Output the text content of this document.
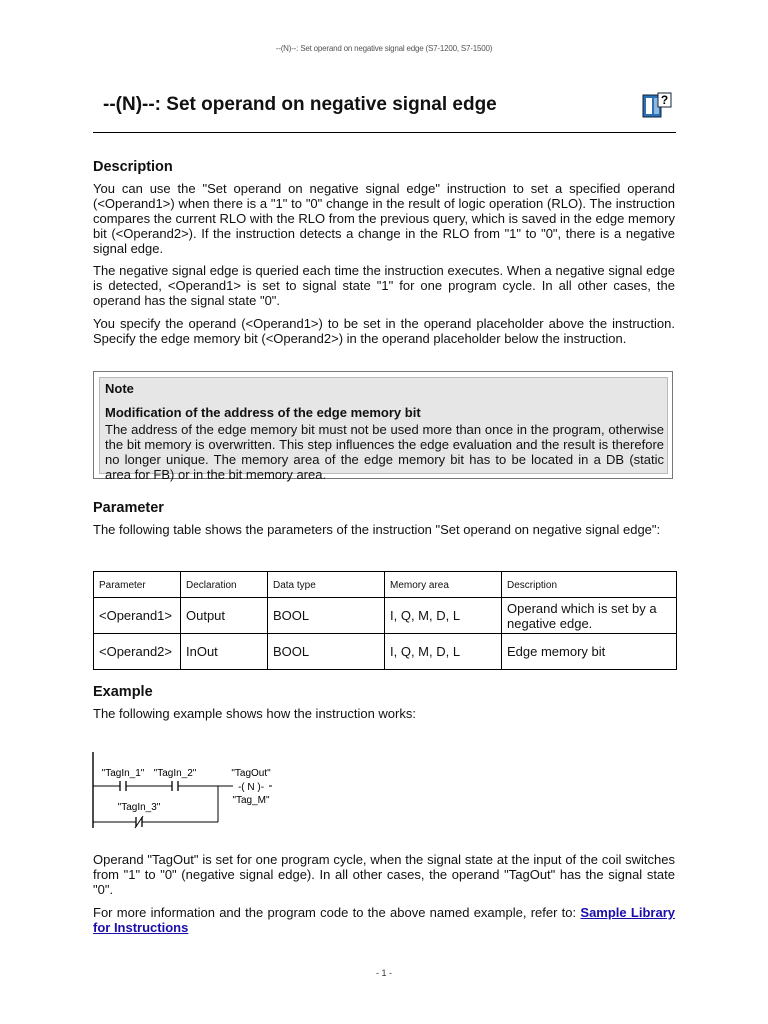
--(N)--: Set operand on negative signal edge (S7-1200, S7-1500)
--(N)--: Set operand on negative signal edge	?
Description
You can use the "Set operand on negative signal edge" instruction to set a specified operand (<Operand1>) when there is a "1" to "0" change in the result of logic operation (RLO). The instruction compares the current RLO with the RLO from the previous query, which is saved in the edge memory bit (<Operand2>). If the instruction detects a change in the RLO from "1" to "0", there is a negative signal edge.
The negative signal edge is queried each time the instruction executes. When a negative signal edge is detected, <Operand1> is set to signal state "1" for one program cycle. In all other cases, the operand has the signal state "0".
You specify the operand (<Operand1>) to be set in the operand placeholder above the instruction. Specify the edge memory bit (<Operand2>) in the operand placeholder below the instruction.
Note
Modification of the address of the edge memory bit
The address of the edge memory bit must not be used more than once in the program, otherwise the bit memory is overwritten. This step influences the edge evaluation and the result is therefore no longer unique. The memory area of the edge memory bit has to be located in a DB (static area for FB) or in the bit memory area.
Parameter
The following table shows the parameters of the instruction "Set operand on negative signal edge":
Parameter	Declaration	Data type	Memory area	Description
<Operand1>	Output	BOOL	I, Q, M, D, L	Operand which is set by a negative edge.
<Operand2>	InOut	BOOL	I, Q, M, D, L	Edge memory bit
Example
The following example shows how the instruction works:
-( N )-
"TagIn_1" "TagIn_2"	"TagOut"
"Tag_M"
"TagIn_3"
Operand "TagOut" is set for one program cycle, when the signal state at the input of the coil switches from "1" to "0" (negative signal edge). In all other cases, the operand "TagOut" has the signal state "0".
For more information and the program code to the above named example, refer to: Sample Library for Instructions
- 1 -
